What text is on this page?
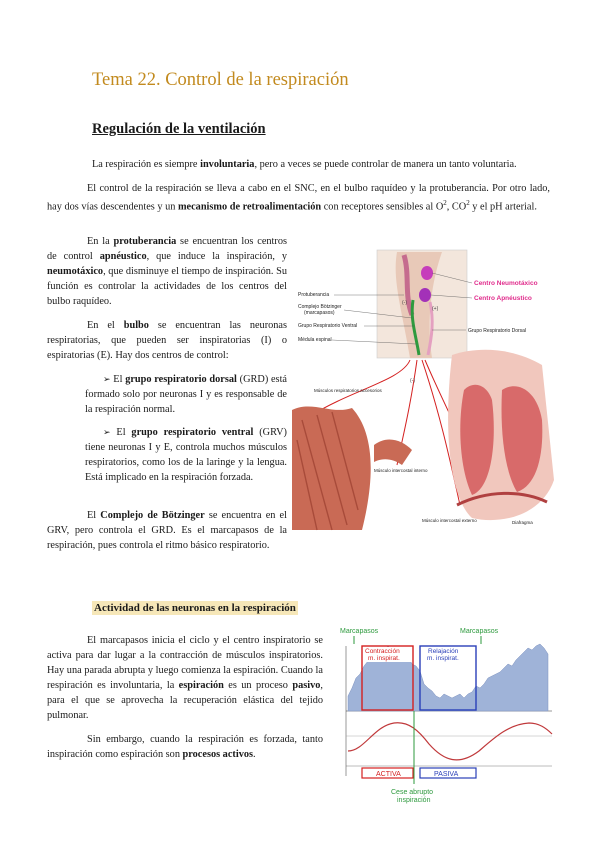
Tema 22. Control de la respiración
Regulación de la ventilación
La respiración es siempre involuntaria, pero a veces se puede controlar de manera un tanto voluntaria.
El control de la respiración se lleva a cabo en el SNC, en el bulbo raquídeo y la protuberancia. Por otro lado, hay dos vías descendentes y un mecanismo de retroalimentación con receptores sensibles al $O^2$, $CO^2$ y el pH arterial.
En la protuberancia se encuentran los centros de control apnéustico, que induce la inspiración, y neumotáxico, que disminuye el tiempo de inspiración. Su función es controlar la actividades de los centros del bulbo raquídeo.
En el bulbo se encuentran las neuronas respiratorias, que pueden ser inspiratorias (I) o espiratorias (E). Hay dos centros de control:
➢ El grupo respiratorio dorsal (GRD) está formado solo por neuronas I y es responsable de la respiración normal.
➢ El grupo respiratorio ventral (GRV) tiene neuronas I y E, controla muchos músculos respiratorios, como los de la laringe y la lengua. Está implicado en la respiración forzada.
El Complejo de Bötzinger se encuentra en el GRV, pero controla el GRD. Es el marcapasos de la respiración, pues controla el ritmo básico respiratorio.
(-)
(+)
Protuberancia
Complejo Bötzinger
(marcapasos)
Grupo Respiratorio Ventral
Médula espinal
Centro Neumotáxico
Centro Apnéustico
Grupo Respiratorio Dorsal
(-)
Músculos respiratorios accesorios
Músculo intercostal interno
Diafragma
Músculo intercostal externo
Actividad de las neuronas en la respiración
El marcapasos inicia el ciclo y el centro inspiratorio se activa para dar lugar a la contracción de músculos inspiratorios. Hay una parada abrupta y luego comienza la espiración. Cuando la respiración es involuntaria, la espiración es un proceso pasivo, para el que se aprovecha la recuperación elástica del tejido pulmonar.
Sin embargo, cuando la respiración es forzada, tanto inspiración como espiración son procesos activos.
Marcapasos	Marcapasos
Contracción
m. inspirat.
Relajación
m. inspirat.
ACTIVA	PASIVA
Cese abrupto
inspiración
